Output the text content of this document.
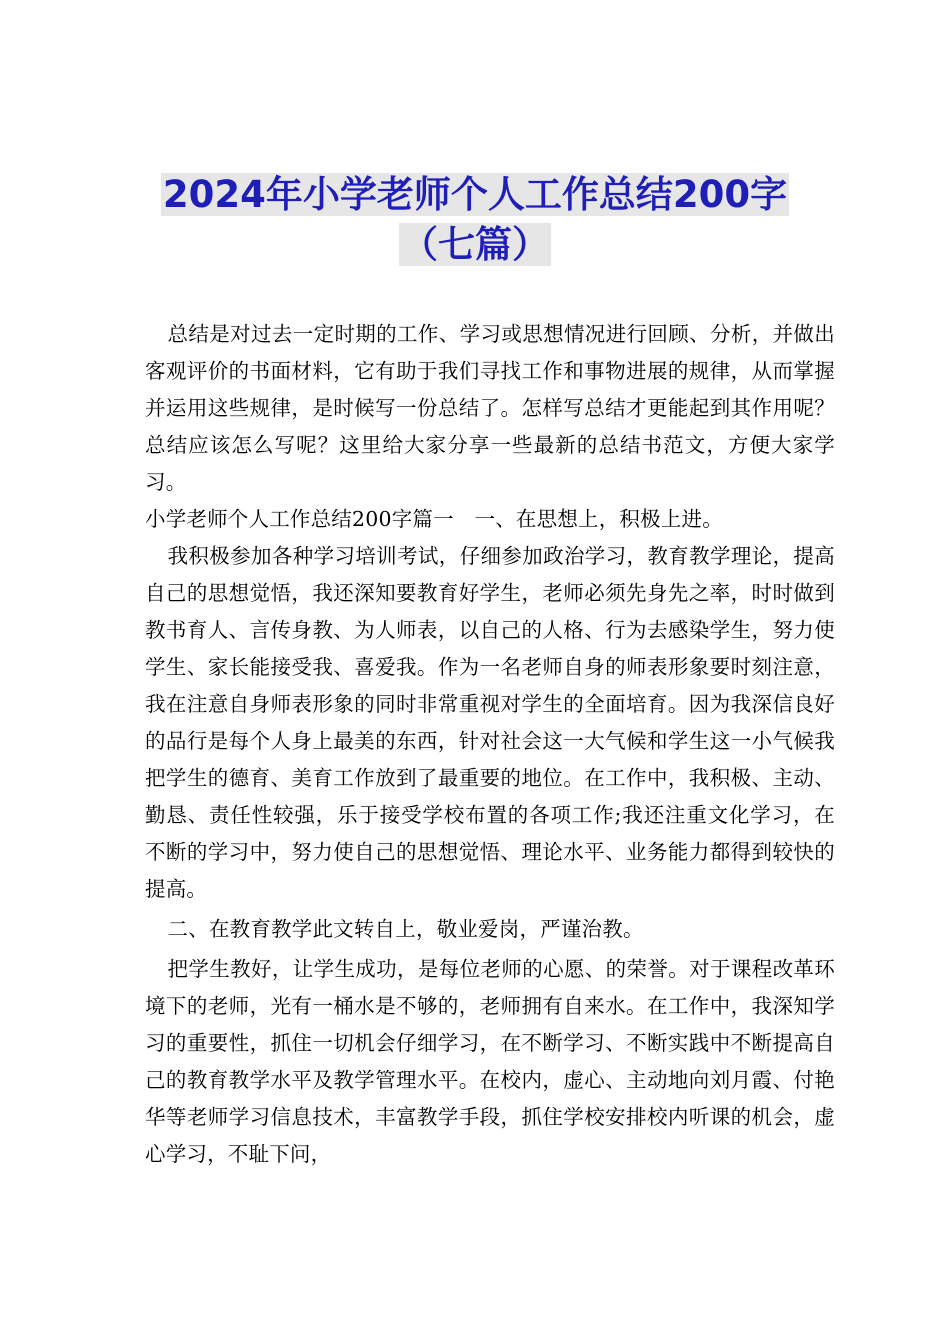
2024年小学老师个人工作总结200字
（七篇）

总结是对过去一定时期的工作、学习或思想情况进行回顾、分析，并做出客观评价的书面材料，它有助于我们寻找工作和事物进展的规律，从而掌握并运用这些规律，是时候写一份总结了。怎样写总结才更能起到其作用呢？总结应该怎么写呢？这里给大家分享一些最新的总结书范文，方便大家学习。

小学老师个人工作总结200字篇一　一、在思想上，积极上进。

我积极参加各种学习培训考试，仔细参加政治学习，教育教学理论，提高自己的思想觉悟，我还深知要教育好学生，老师必须先身先之率，时时做到教书育人、言传身教、为人师表，以自己的人格、行为去感染学生，努力使学生、家长能接受我、喜爱我。作为一名老师自身的师表形象要时刻注意，我在注意自身师表形象的同时非常重视对学生的全面培育。因为我深信良好的品行是每个人身上最美的东西，针对社会这一大气候和学生这一小气候我把学生的德育、美育工作放到了最重要的地位。在工作中，我积极、主动、勤恳、责任性较强，乐于接受学校布置的各项工作;我还注重文化学习，在不断的学习中，努力使自己的思想觉悟、理论水平、业务能力都得到较快的提高。

二、在教育教学此文转自上，敬业爱岗，严谨治教。

把学生教好，让学生成功，是每位老师的心愿、的荣誉。对于课程改革环境下的老师，光有一桶水是不够的，老师拥有自来水。在工作中，我深知学习的重要性，抓住一切机会仔细学习，在不断学习、不断实践中不断提高自己的教育教学水平及教学管理水平。在校内，虚心、主动地向刘月霞、付艳华等老师学习信息技术，丰富教学手段，抓住学校安排校内听课的机会，虚心学习，不耻下问，
